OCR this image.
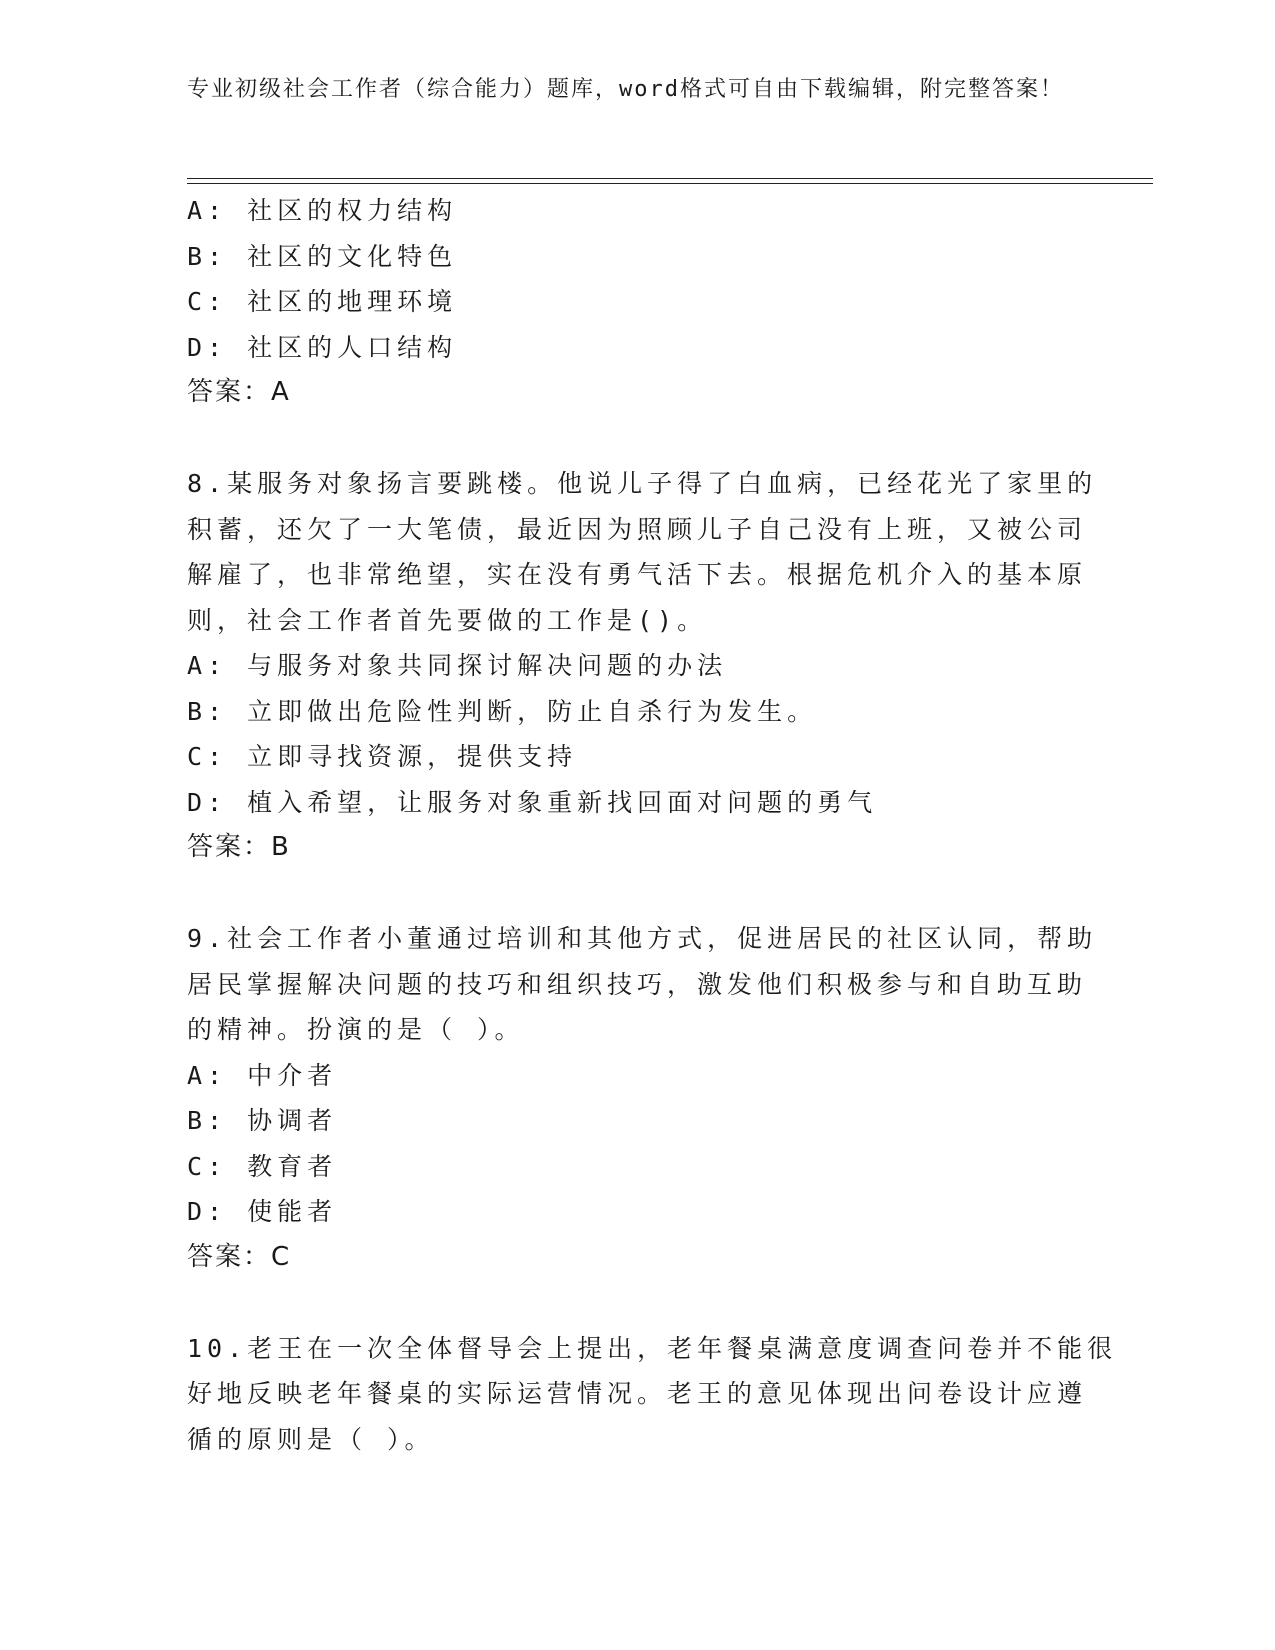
专业初级社会工作者（综合能力）题库，word格式可自由下载编辑，附完整答案！
A: 社区的权力结构
B: 社区的文化特色
C: 社区的地理环境
D: 社区的人口结构
答案：A
8.某服务对象扬言要跳楼。他说儿子得了白血病，已经花光了家里的
积蓄，还欠了一大笔债，最近因为照顾儿子自己没有上班，又被公司
解雇了，也非常绝望，实在没有勇气活下去。根据危机介入的基本原
则，社会工作者首先要做的工作是()。
A: 与服务对象共同探讨解决问题的办法
B: 立即做出危险性判断，防止自杀行为发生。
C: 立即寻找资源，提供支持
D: 植入希望，让服务对象重新找回面对问题的勇气
答案：B
9.社会工作者小董通过培训和其他方式，促进居民的社区认同，帮助
居民掌握解决问题的技巧和组织技巧，激发他们积极参与和自助互助
的精神。扮演的是（ ）。
A: 中介者
B: 协调者
C: 教育者
D: 使能者
答案：C
10.老王在一次全体督导会上提出，老年餐桌满意度调查问卷并不能很
好地反映老年餐桌的实际运营情况。老王的意见体现出问卷设计应遵
循的原则是（ ）。
